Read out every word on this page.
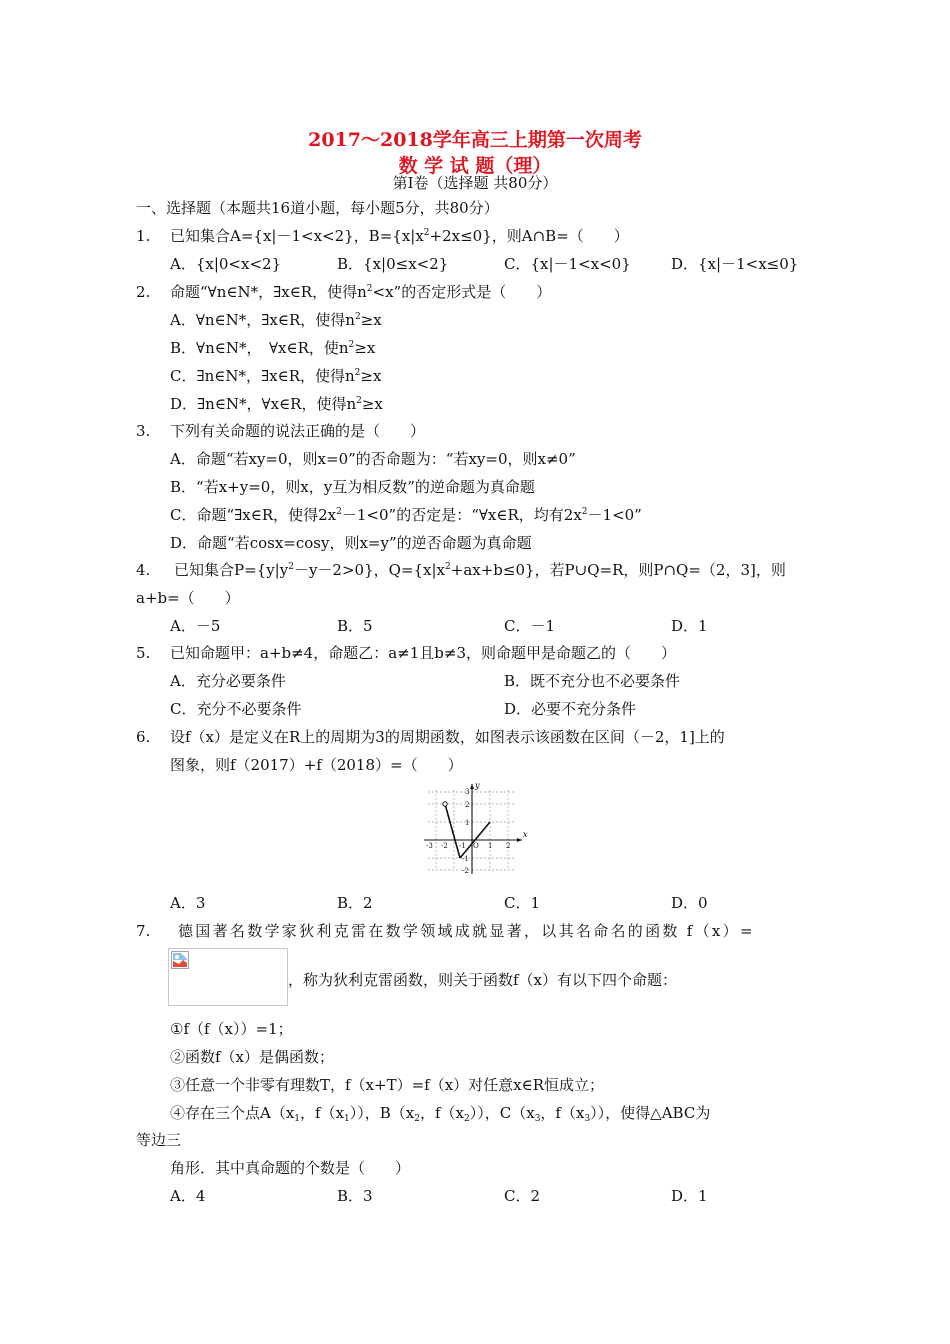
2017～2018学年高三上期第一次周考
数 学 试 题（理）
第Ⅰ卷（选择题 共80分）
一、选择题（本题共16道小题，每小题5分，共80分）
1. 已知集合A={x|－1<x<2}，$B=\{x|x^2+2x\le 0\}$，则A∩B=（　　）
A．{x|0<x<2}	B．{x|0≤x<2}	C．{x|－1<x<0}	D．{x|－1<x≤0}
2. 命题“∀n∈N*，∃x∈R，使得$n^2<x$”的否定形式是（　　）
A．∀n∈N*，∃x∈R，使得$n^2\ge x$
B．∀n∈N*，　∀x∈R，使$n^2\ge x$
C．∃n∈N*，∃x∈R，使得$n^2\ge x$
D．∃n∈N*，∀x∈R，使得$n^2\ge x$
3. 下列有关命题的说法正确的是（　　）
A．命题“若xy=0，则x=0”的否命题为：“若xy=0，则x≠0”
B．“若x+y=0，则x，y互为相反数”的逆命题为真命题
C．命题“∃x∈R，使得$2x^2-1<0$”的否定是：“∀x∈R，均有$2x^2-1<0$”
D．命题“若cosx=cosy，则x=y”的逆否命题为真命题
4. 已知集合$P=\{y|y^2-y-2>0\}$，$Q=\{x|x^2+ax+b\le 0\}$，若P∪Q=R，则P∩Q=（2，3]，则
a+b=（　　）
A．－5	B．5	C．－1	D．1
5. 已知命题甲：a+b≠4，命题乙：a≠1且b≠3，则命题甲是命题乙的（　　）
A．充分必要条件	B．既不充分也不必要条件
C．充分不必要条件	D．必要不充分条件
6. 设f（x）是定义在R上的周期为3的周期函数，如图表示该函数在区间（－2，1]上的
图象，则f（2017）+f（2018）=（　　）
x
y
-3 -2 -1 O 1 2
3
2
1
-1
-2
A．3	B．2	C．1	D．0
7. 德国著名数学家狄利克雷在数学领域成就显著，以其名命名的函数 f（x）=
，称为狄利克雷函数，则关于函数f（x）有以下四个命题：
①f（f（x））=1；
②函数f（x）是偶函数；
③任意一个非零有理数T，f（x+T）=f（x）对任意x∈R恒成立；
④存在三个点$A(x_1$，$f(x_1)$），$B(x_2$，$f(x_2)$），$C(x_3$，$f(x_3)$），使得△ABC为
等边三
角形．其中真命题的个数是（　　）
A．4	B．3	C．2	D．1
